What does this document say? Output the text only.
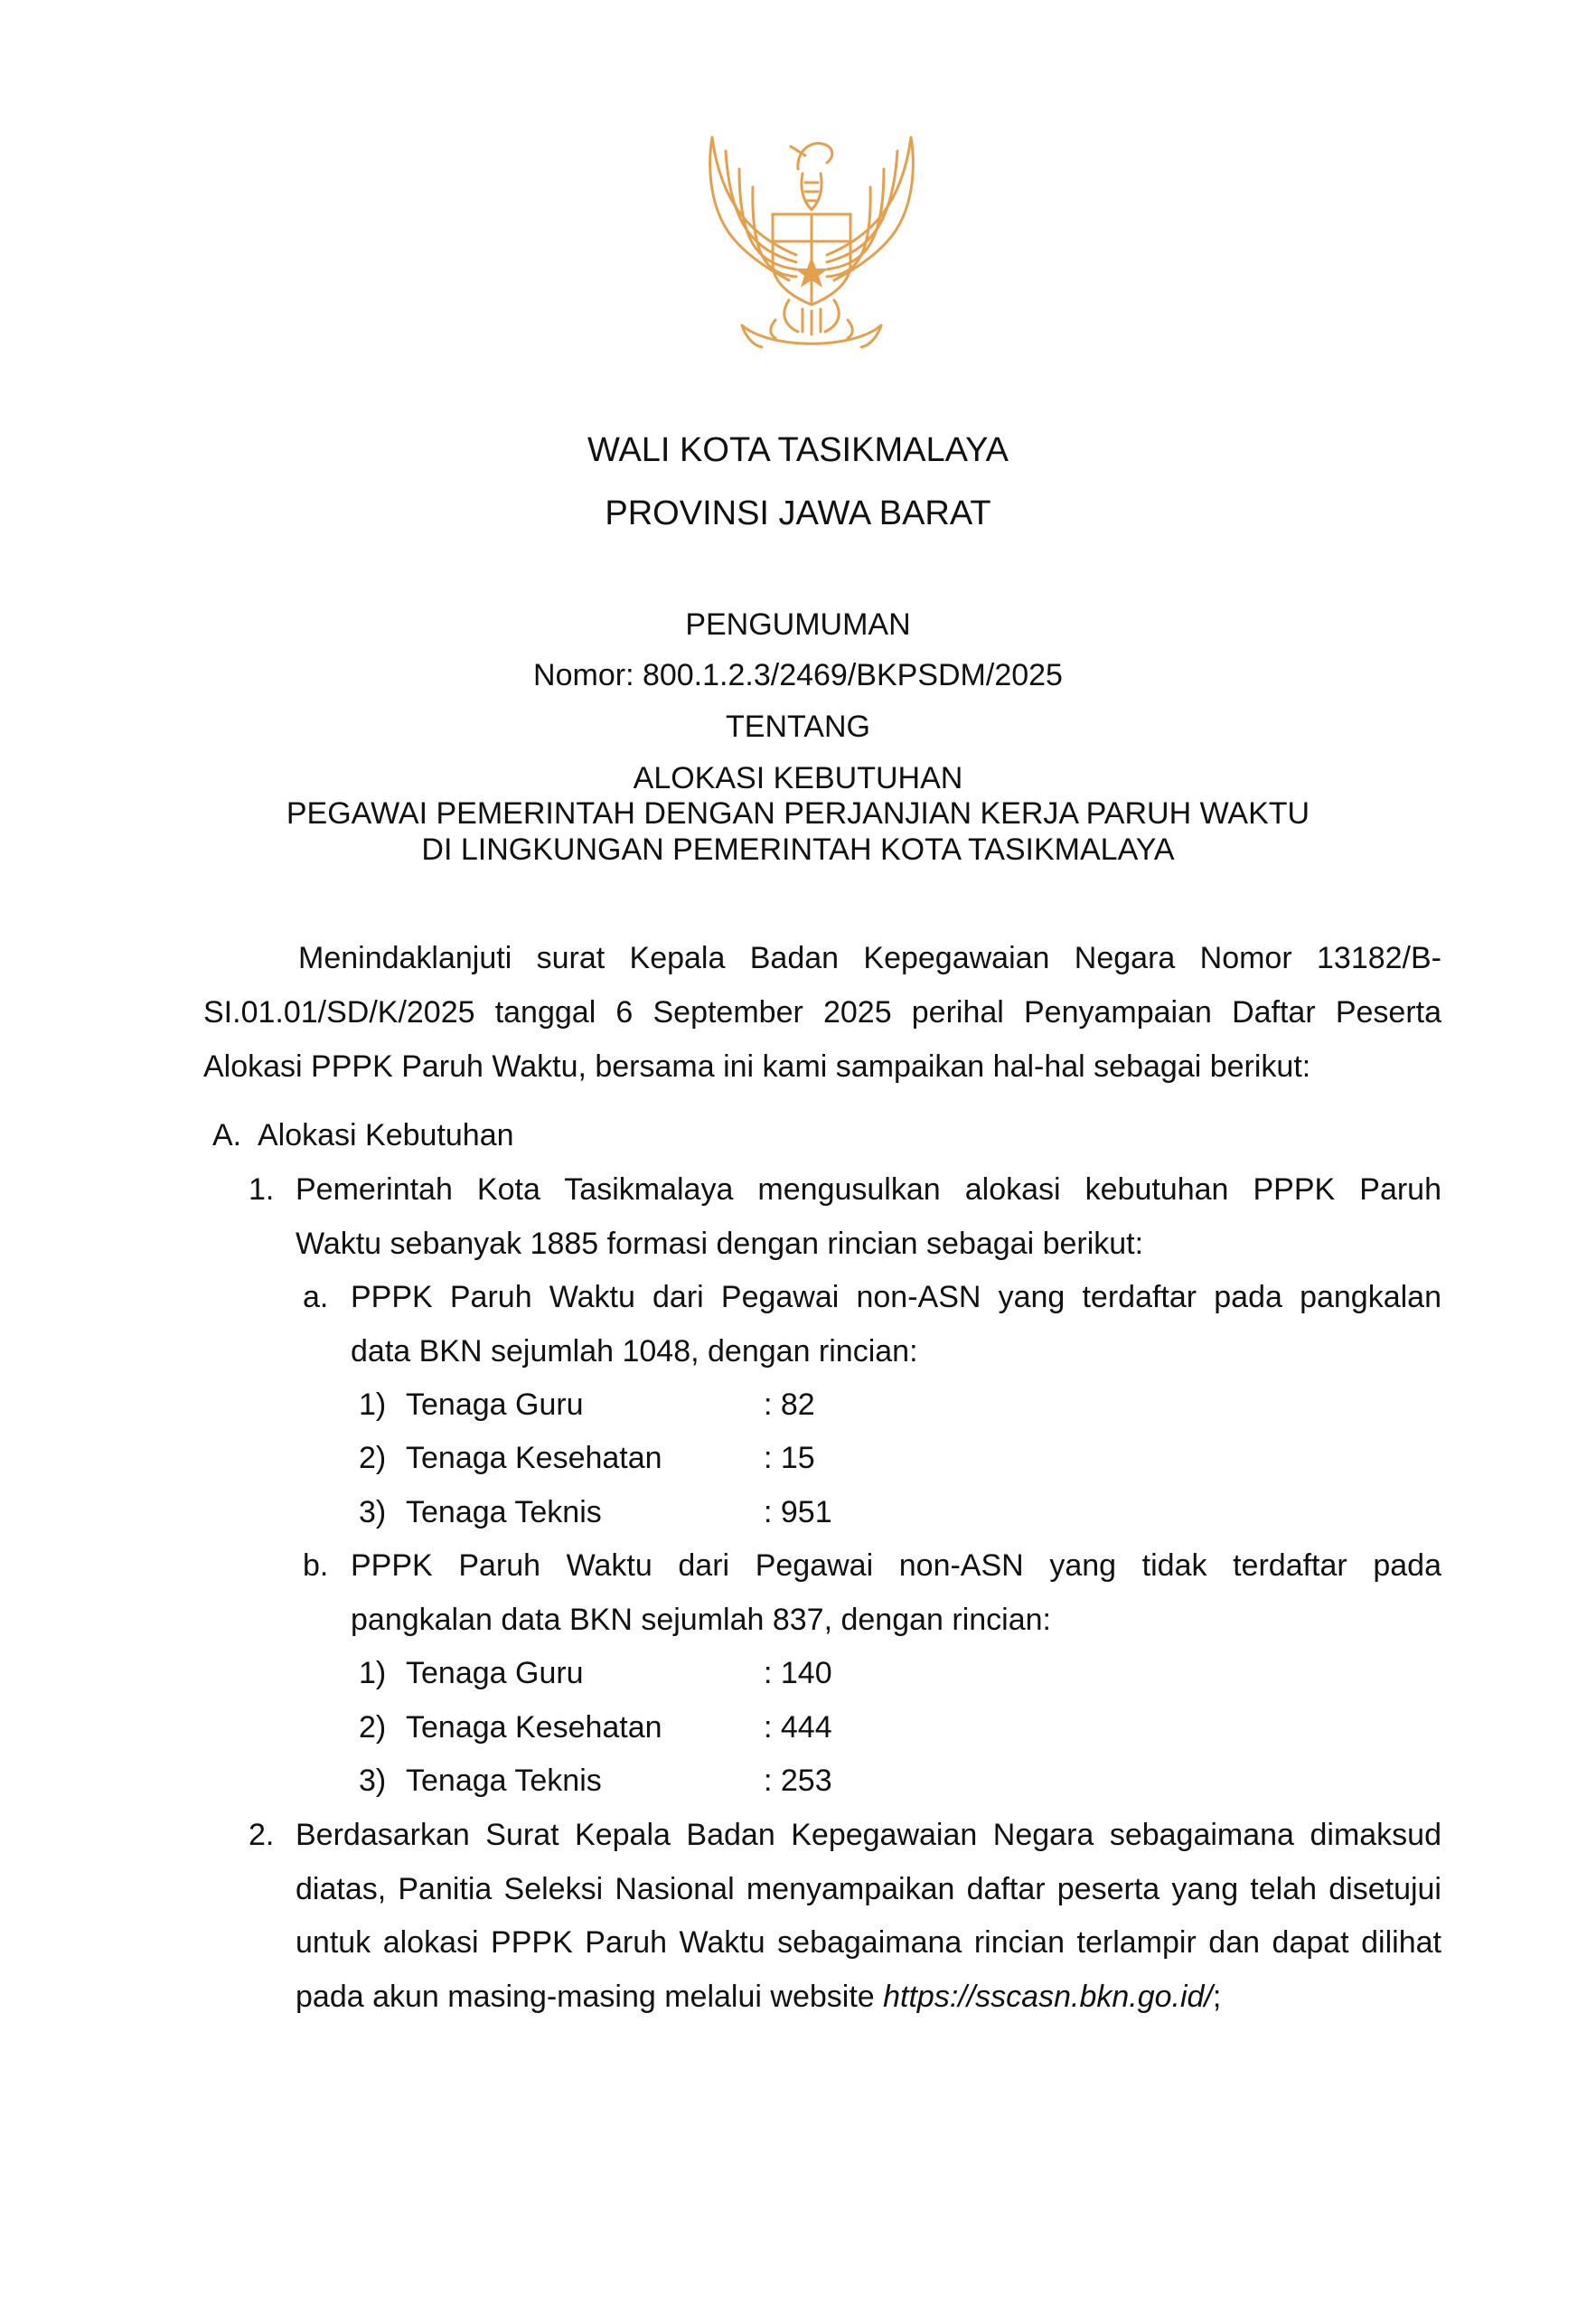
WALI KOTA TASIKMALAYA
PROVINSI JAWA BARAT
PENGUMUMAN
Nomor: 800.1.2.3/2469/BKPSDM/2025
TENTANG
ALOKASI KEBUTUHAN
PEGAWAI PEMERINTAH DENGAN PERJANJIAN KERJA PARUH WAKTU
DI LINGKUNGAN PEMERINTAH KOTA TASIKMALAYA
Menindaklanjuti surat Kepala Badan Kepegawaian Negara Nomor 13182/B-
SI.01.01/SD/K/2025 tanggal 6 September 2025 perihal Penyampaian Daftar Peserta
Alokasi PPPK Paruh Waktu, bersama ini kami sampaikan hal-hal sebagai berikut:
A. Alokasi Kebutuhan
1. Pemerintah Kota Tasikmalaya mengusulkan alokasi kebutuhan PPPK Paruh
Waktu sebanyak 1885 formasi dengan rincian sebagai berikut:
a. PPPK Paruh Waktu dari Pegawai non-ASN yang terdaftar pada pangkalan
data BKN sejumlah 1048, dengan rincian:
1) Tenaga Guru	: 82
2) Tenaga Kesehatan	: 15
3) Tenaga Teknis	: 951
b. PPPK Paruh Waktu dari Pegawai non-ASN yang tidak terdaftar pada
pangkalan data BKN sejumlah 837, dengan rincian:
1) Tenaga Guru	: 140
2) Tenaga Kesehatan	: 444
3) Tenaga Teknis	: 253
2. Berdasarkan Surat Kepala Badan Kepegawaian Negara sebagaimana dimaksud
diatas, Panitia Seleksi Nasional menyampaikan daftar peserta yang telah disetujui
untuk alokasi PPPK Paruh Waktu sebagaimana rincian terlampir dan dapat dilihat
pada akun masing-masing melalui website https://sscasn.bkn.go.id/;
